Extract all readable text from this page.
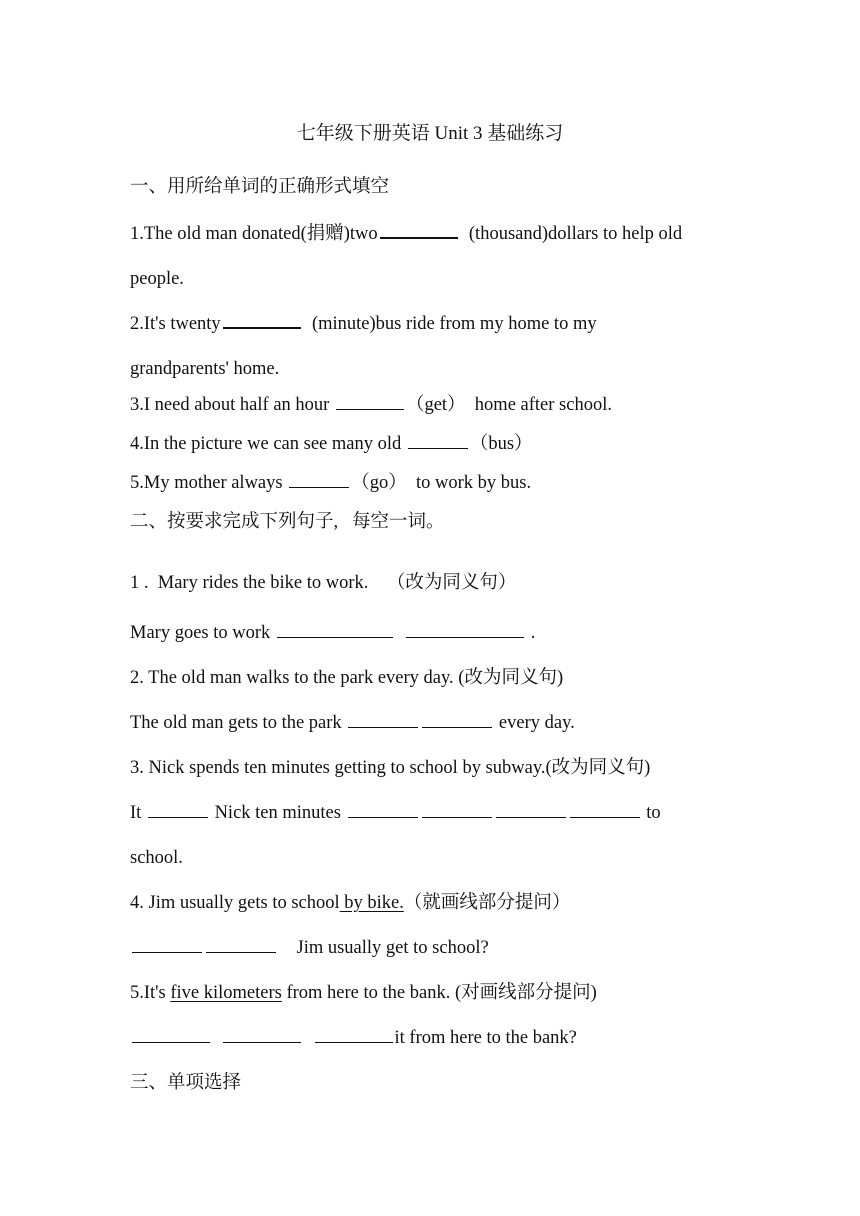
七年级下册英语 Unit 3 基础练习
一、用所给单词的正确形式填空
1.The old man donated(捐赠)two	(thousand)dollars to help old
people.
2.It's twenty	(minute)bus ride from my home to my
grandparents' home.
3.I need about half an hour	（get）  home after school.
4.In the picture we can see many old	（bus）
5.My mother always	（go）  to work by bus.
二、按要求完成下列句子,   每空一词。
1 .  Mary rides the bike to work.    （改为同义句）
Mary goes to work	.
2. The old man walks to the park every day. (改为同义句)
The old man gets to the park	every day.
3. Nick spends ten minutes getting to school by subway.(改为同义句)
It	Nick ten minutes	to
school.
4. Jim usually gets to school by bike.（就画线部分提问）
Jim usually get to school?
5.It's five kilometers from here to the bank. (对画线部分提问)
it from here to the bank?
三、单项选择
